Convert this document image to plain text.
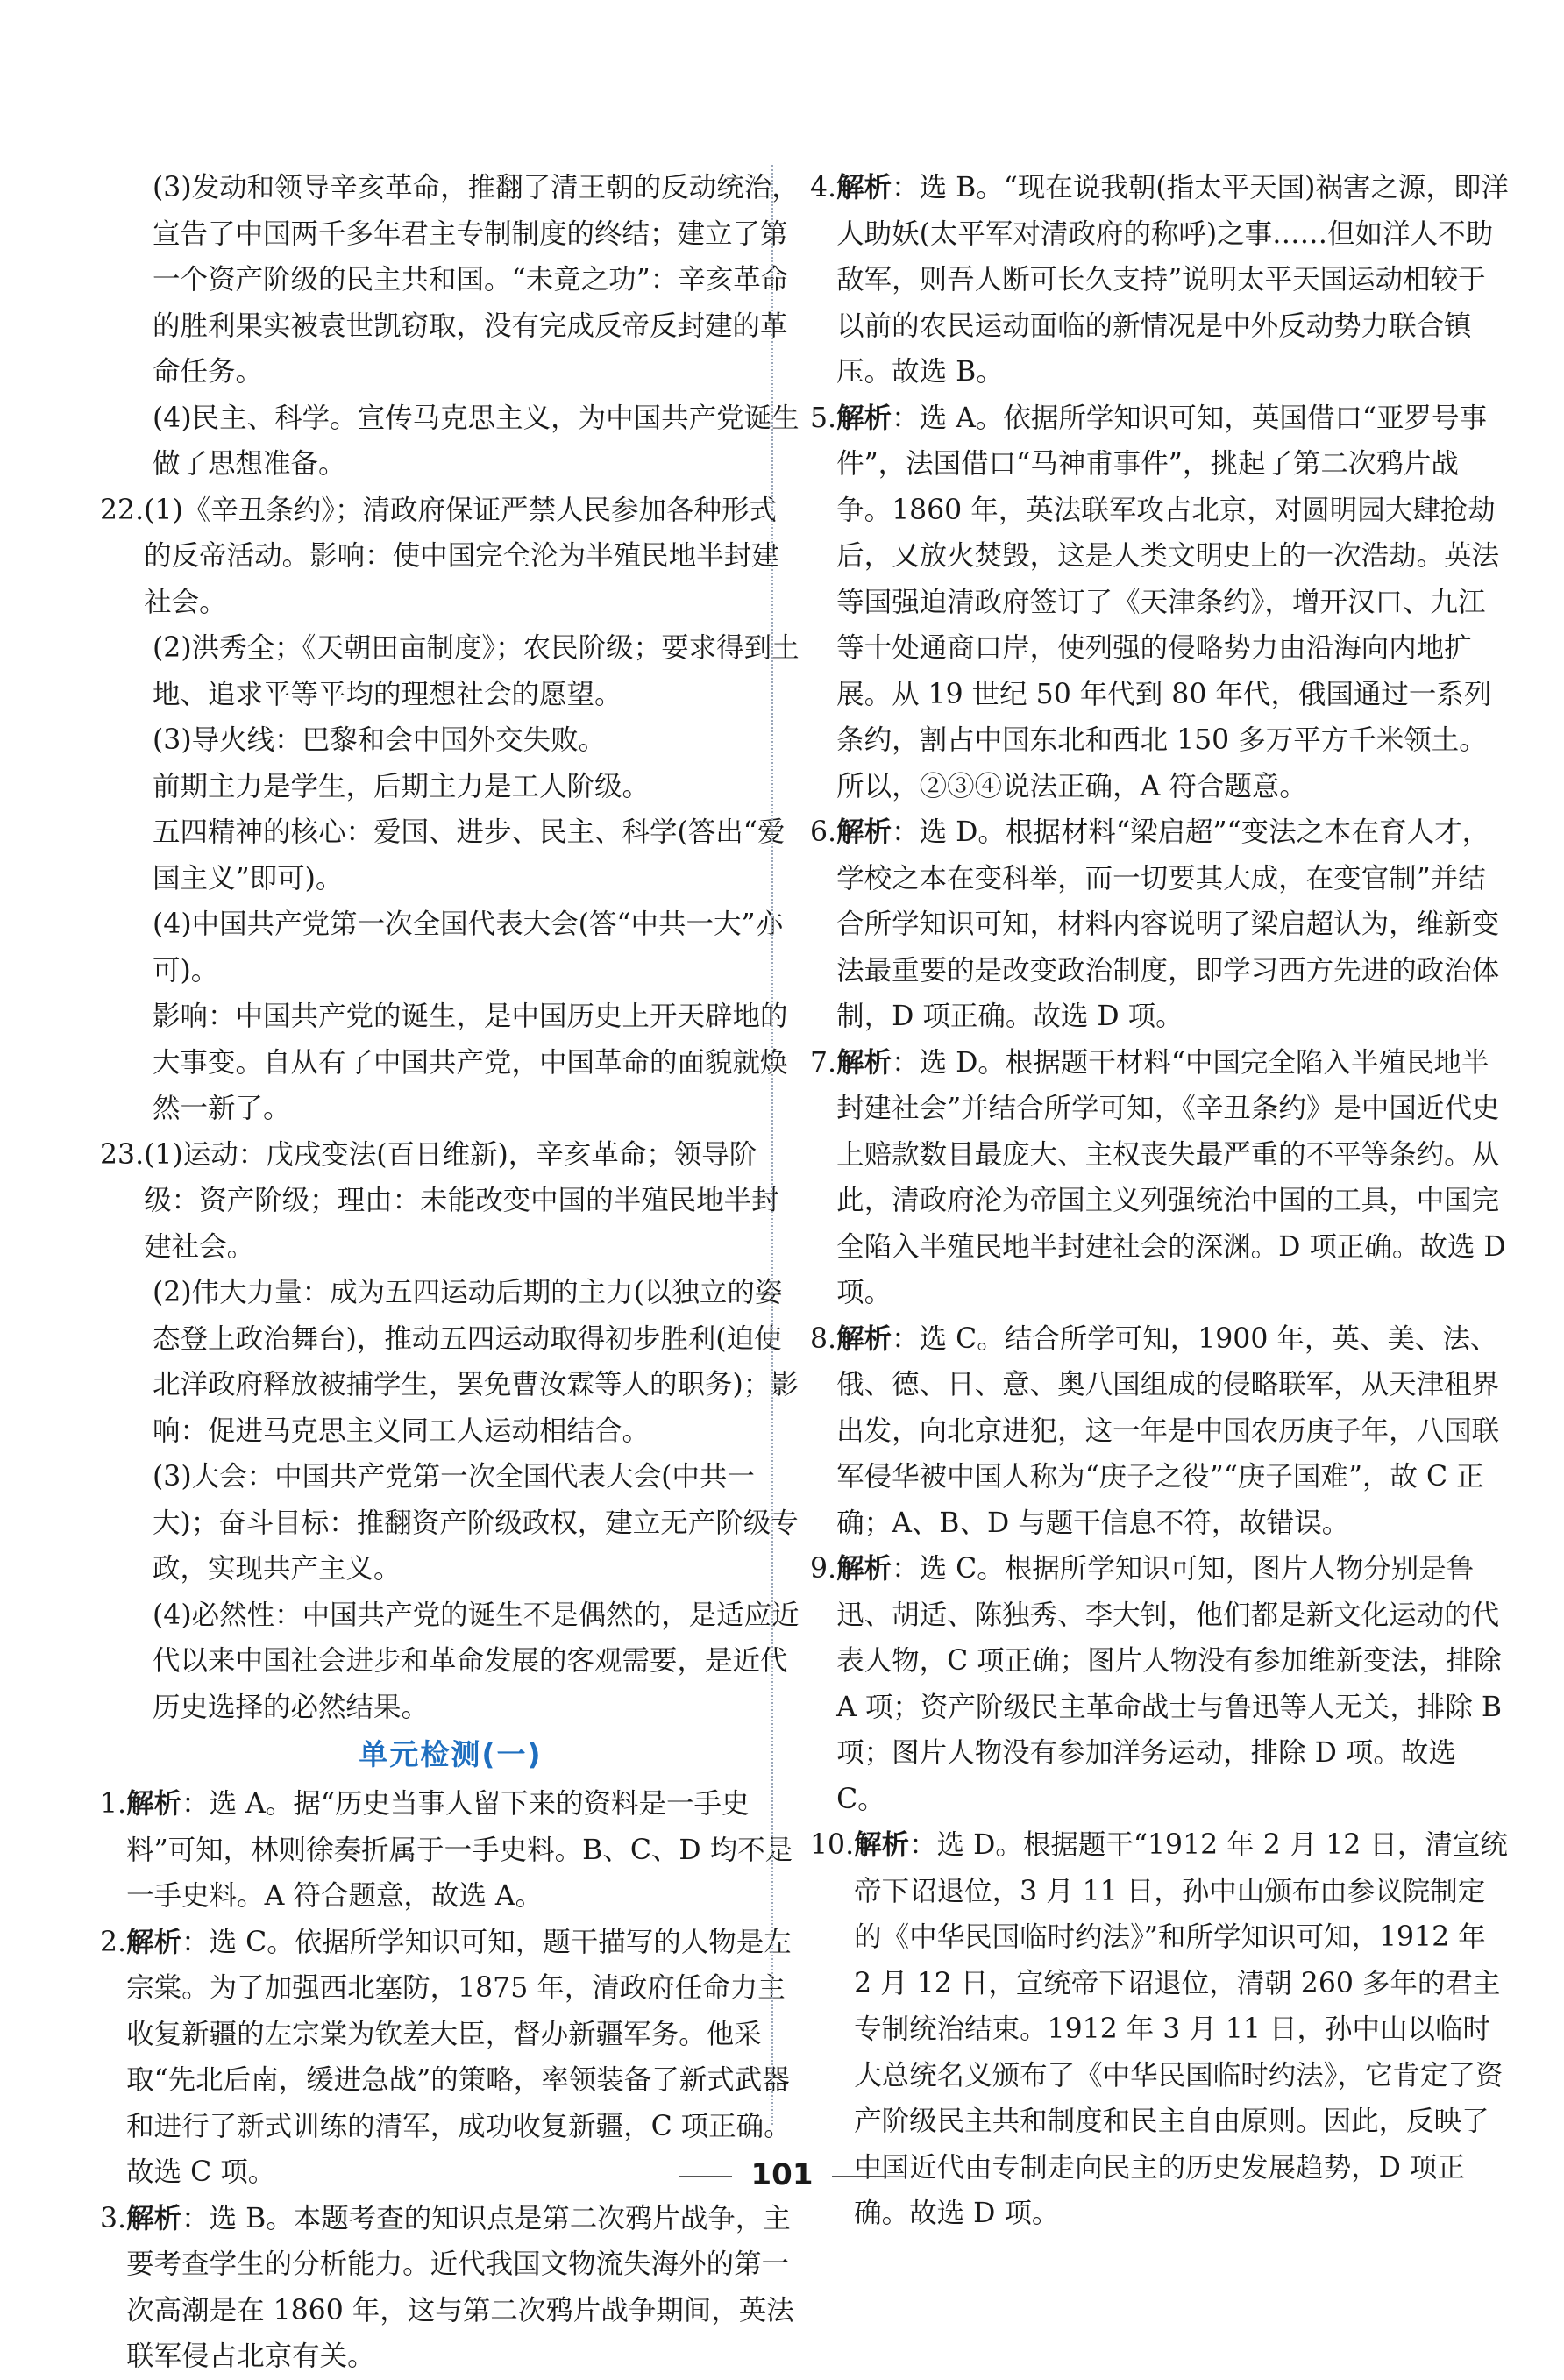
(3)发动和领导辛亥革命，推翻了清王朝的反动统治，宣告了中国两千多年君主专制制度的终结；建立了第一个资产阶级的民主共和国。“未竟之功”：辛亥革命的胜利果实被袁世凯窃取，没有完成反帝反封建的革命任务。

(4)民主、科学。宣传马克思主义，为中国共产党诞生做了思想准备。

22. (1)《辛丑条约》；清政府保证严禁人民参加各种形式的反帝活动。影响：使中国完全沦为半殖民地半封建社会。

(2)洪秀全；《天朝田亩制度》；农民阶级；要求得到土地、追求平等平均的理想社会的愿望。

(3)导火线：巴黎和会中国外交失败。

前期主力是学生，后期主力是工人阶级。

五四精神的核心：爱国、进步、民主、科学(答出“爱国主义”即可)。

(4)中国共产党第一次全国代表大会(答“中共一大”亦可)。

影响：中国共产党的诞生，是中国历史上开天辟地的大事变。自从有了中国共产党，中国革命的面貌就焕然一新了。

23. (1)运动：戊戌变法(百日维新)，辛亥革命；领导阶级：资产阶级；理由：未能改变中国的半殖民地半封建社会。

(2)伟大力量：成为五四运动后期的主力(以独立的姿态登上政治舞台)，推动五四运动取得初步胜利(迫使北洋政府释放被捕学生，罢免曹汝霖等人的职务)；影响：促进马克思主义同工人运动相结合。

(3)大会：中国共产党第一次全国代表大会(中共一大)；奋斗目标：推翻资产阶级政权，建立无产阶级专政，实现共产主义。

(4)必然性：中国共产党的诞生不是偶然的，是适应近代以来中国社会进步和革命发展的客观需要，是近代历史选择的必然结果。

单元检测(一)
1. 解析：选 A。据“历史当事人留下来的资料是一手史料”可知，林则徐奏折属于一手史料。B、C、D 均不是一手史料。A 符合题意，故选 A。
2. 解析：选 C。依据所学知识可知，题干描写的人物是左宗棠。为了加强西北塞防，1875 年，清政府任命力主收复新疆的左宗棠为钦差大臣，督办新疆军务。他采取“先北后南，缓进急战”的策略，率领装备了新式武器和进行了新式训练的清军，成功收复新疆，C 项正确。故选 C 项。
3. 解析：选 B。本题考查的知识点是第二次鸦片战争，主要考查学生的分析能力。近代我国文物流失海外的第一次高潮是在 1860 年，这与第二次鸦片战争期间，英法联军侵占北京有关。
4. 解析：选 B。“现在说我朝(指太平天国)祸害之源，即洋人助妖(太平军对清政府的称呼)之事……但如洋人不助敌军，则吾人断可长久支持”说明太平天国运动相较于以前的农民运动面临的新情况是中外反动势力联合镇压。故选 B。
5. 解析：选 A。依据所学知识可知，英国借口“亚罗号事件”，法国借口“马神甫事件”，挑起了第二次鸦片战争。1860 年，英法联军攻占北京，对圆明园大肆抢劫后，又放火焚毁，这是人类文明史上的一次浩劫。英法等国强迫清政府签订了《天津条约》，增开汉口、九江等十处通商口岸，使列强的侵略势力由沿海向内地扩展。从 19 世纪 50 年代到 80 年代，俄国通过一系列条约，割占中国东北和西北 150 多万平方千米领土。所以，②③④说法正确，A 符合题意。
6. 解析：选 D。根据材料“梁启超”“变法之本在育人才，学校之本在变科举，而一切要其大成，在变官制”并结合所学知识可知，材料内容说明了梁启超认为，维新变法最重要的是改变政治制度，即学习西方先进的政治体制，D 项正确。故选 D 项。
7. 解析：选 D。根据题干材料“中国完全陷入半殖民地半封建社会”并结合所学可知，《辛丑条约》是中国近代史上赔款数目最庞大、主权丧失最严重的不平等条约。从此，清政府沦为帝国主义列强统治中国的工具，中国完全陷入半殖民地半封建社会的深渊。D 项正确。故选 D 项。
8. 解析：选 C。结合所学可知，1900 年，英、美、法、俄、德、日、意、奥八国组成的侵略联军，从天津租界出发，向北京进犯，这一年是中国农历庚子年，八国联军侵华被中国人称为“庚子之役”“庚子国难”，故 C 正确；A、B、D 与题干信息不符，故错误。
9. 解析：选 C。根据所学知识可知，图片人物分别是鲁迅、胡适、陈独秀、李大钊，他们都是新文化运动的代表人物，C 项正确；图片人物没有参加维新变法，排除 A 项；资产阶级民主革命战士与鲁迅等人无关，排除 B 项；图片人物没有参加洋务运动，排除 D 项。故选 C。
10. 解析：选 D。根据题干“1912 年 2 月 12 日，清宣统帝下诏退位，3 月 11 日，孙中山颁布由参议院制定的《中华民国临时约法》”和所学知识可知，1912 年 2 月 12 日，宣统帝下诏退位，清朝 260 多年的君主专制统治结束。1912 年 3 月 11 日，孙中山以临时大总统名义颁布了《中华民国临时约法》，它肯定了资产阶级民主共和制度和民主自由原则。因此，反映了中国近代由专制走向民主的历史发展趋势，D 项正确。故选 D 项。
101
